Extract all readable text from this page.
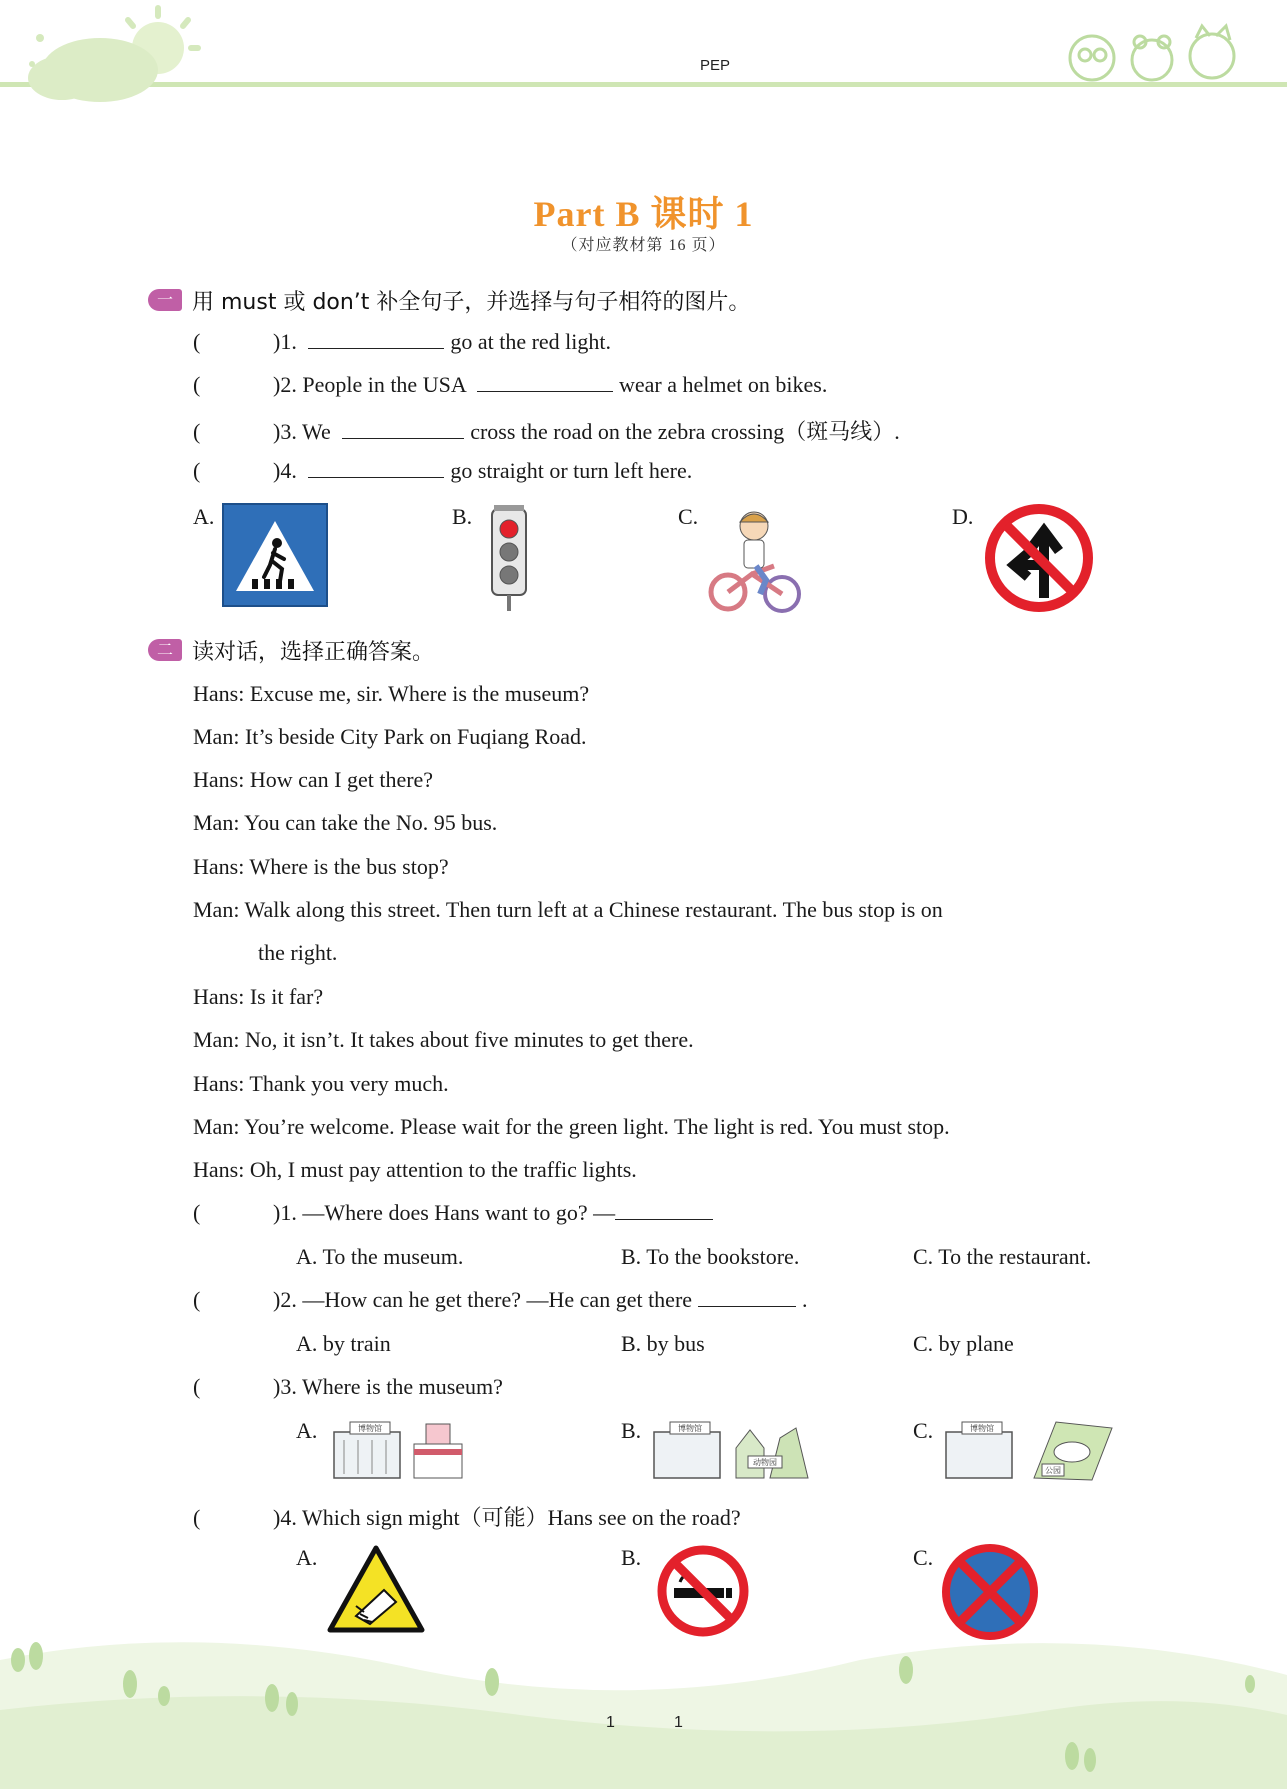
PEP
Part B 课时 1
（对应教材第 16 页）
一 用 must 或 don’t 补全句子，并选择与句子相符的图片。
(	)1.	go at the red light.
(	)2. People in the USA	wear a helmet on bikes.
(	)3. We	cross the road on the zebra crossing（斑马线）.
(	)4.	go straight or turn left here.
A.	B.	C.	D.
二 读对话，选择正确答案。
Hans: Excuse me, sir. Where is the museum?
Man: It’s beside City Park on Fuqiang Road.
Hans: How can I get there?
Man: You can take the No. 95 bus.
Hans: Where is the bus stop?
Man: Walk along this street. Then turn left at a Chinese restaurant. The bus stop is on
the right.
Hans: Is it far?
Man: No, it isn’t. It takes about five minutes to get there.
Hans: Thank you very much.
Man: You’re welcome. Please wait for the green light. The light is red. You must stop.
Hans: Oh, I must pay attention to the traffic lights.
(	)1. —Where does Hans want to go? —
A. To the museum.	B. To the bookstore.	C. To the restaurant.
(	)2. —How can he get there? —He can get there	.
A. by train	B. by bus	C. by plane
(	)3. Where is the museum?
A.	博物馆	B.	博物馆
动物园
C.	博物馆
公园
(	)4. Which sign might（可能）Hans see on the road?
A.	B.	C.
1	1
